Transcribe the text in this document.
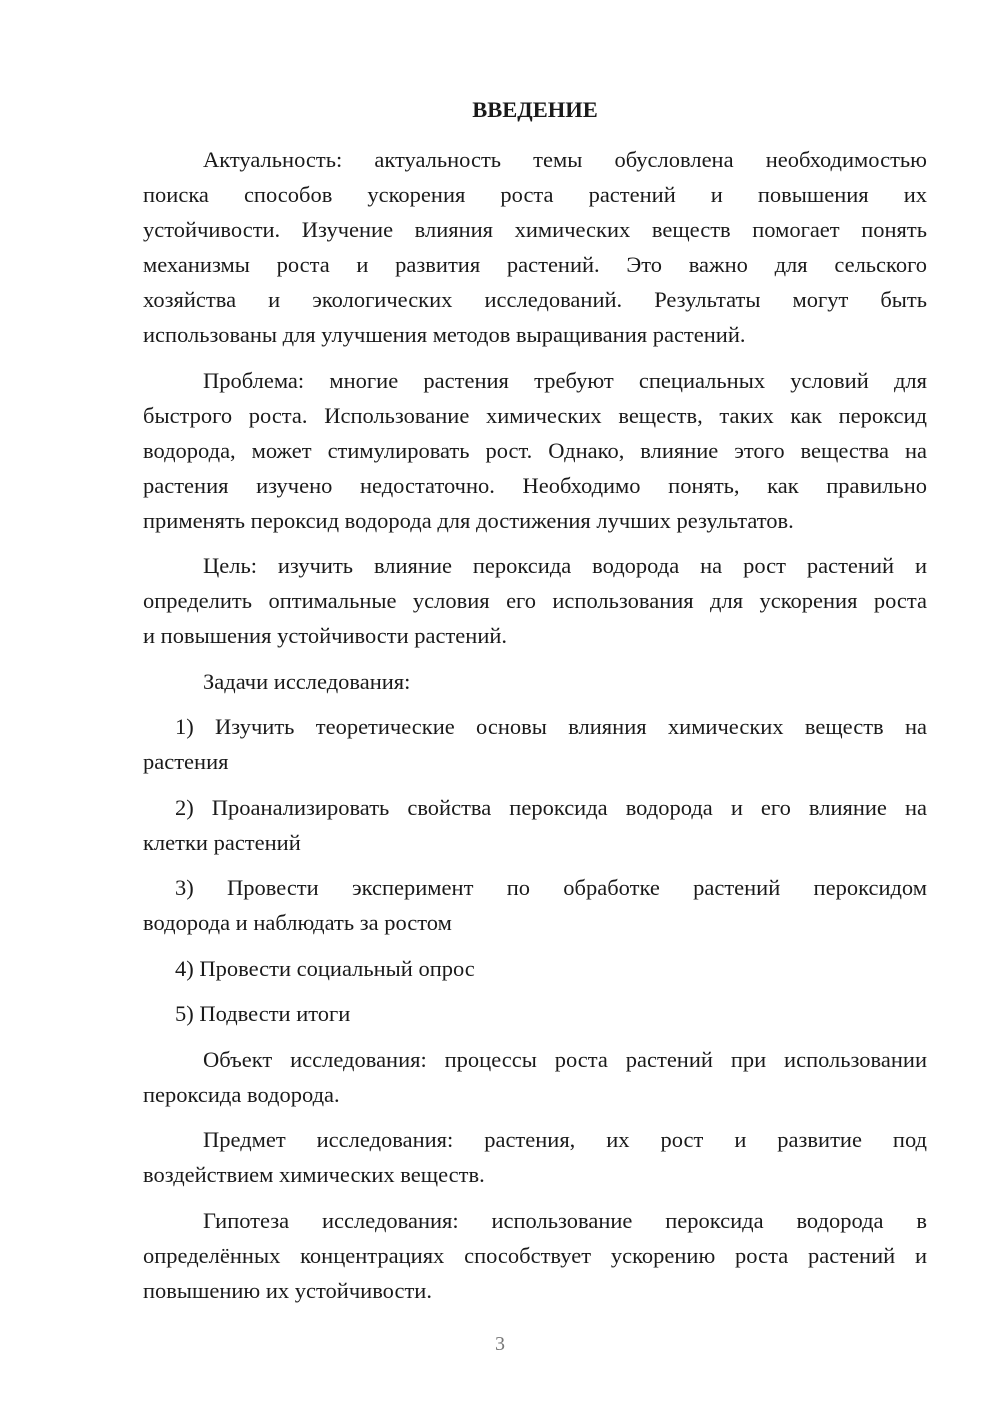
ВВЕДЕНИЕ
Актуальность: актуальность темы обусловлена необходимостью
поиска способов ускорения роста растений и повышения их
устойчивости. Изучение влияния химических веществ помогает понять
механизмы роста и развития растений. Это важно для сельского
хозяйства и экологических исследований. Результаты могут быть
использованы для улучшения методов выращивания растений.
Проблема: многие растения требуют специальных условий для
быстрого роста. Использование химических веществ, таких как пероксид
водорода, может стимулировать рост. Однако, влияние этого вещества на
растения изучено недостаточно. Необходимо понять, как правильно
применять пероксид водорода для достижения лучших результатов.
Цель: изучить влияние пероксида водорода на рост растений и
определить оптимальные условия его использования для ускорения роста
и повышения устойчивости растений.
Задачи исследования:
1) Изучить теоретические основы влияния химических веществ на
растения
2) Проанализировать свойства пероксида водорода и его влияние на
клетки растений
3) Провести эксперимент по обработке растений пероксидом
водорода и наблюдать за ростом
4) Провести социальный опрос
5) Подвести итоги
Объект исследования: процессы роста растений при использовании
пероксида водорода.
Предмет исследования: растения, их рост и развитие под
воздействием химических веществ.
Гипотеза исследования: использование пероксида водорода в
определённых концентрациях способствует ускорению роста растений и
повышению их устойчивости.
3
